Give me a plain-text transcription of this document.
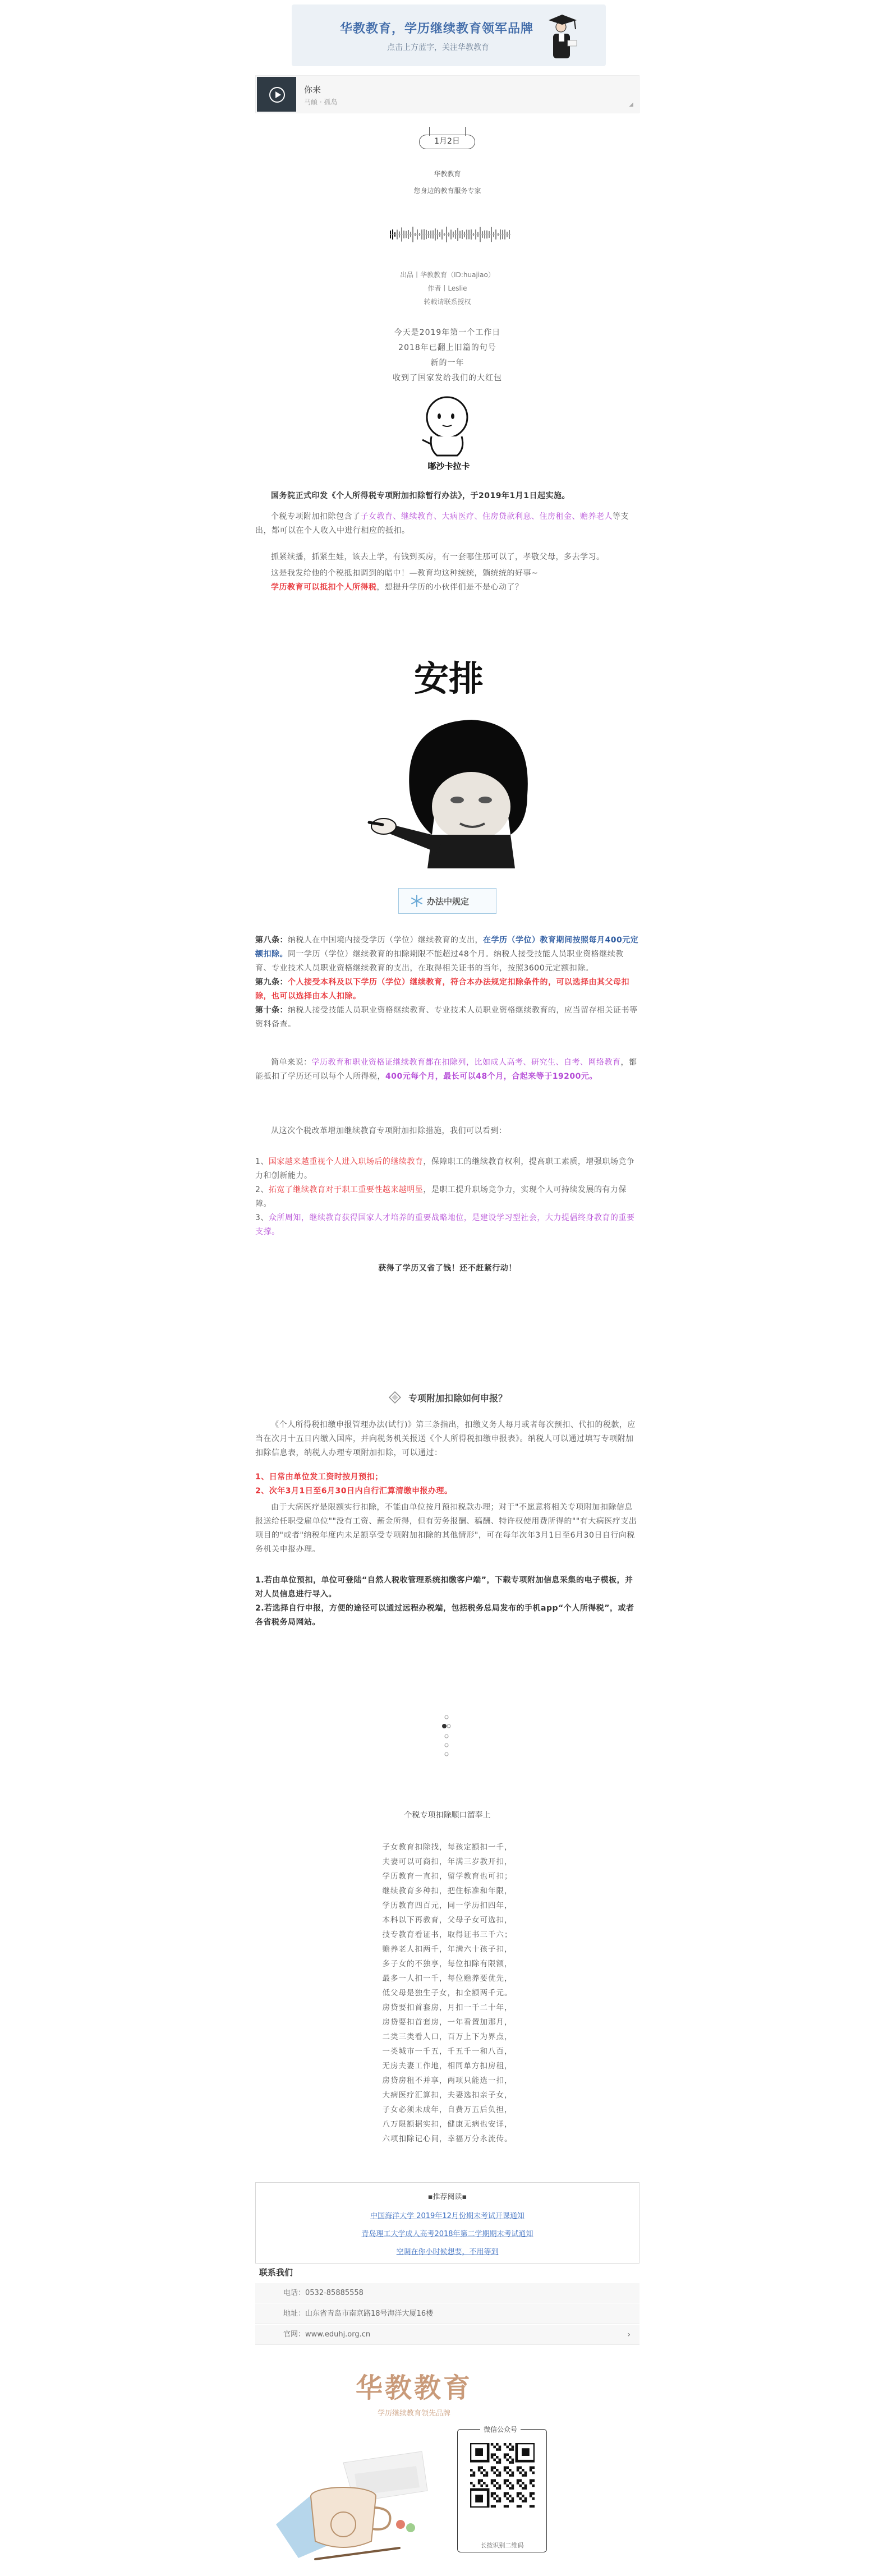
华教教育，学历继续教育领军品牌
点击上方蓝字，关注华教教育
你来
马頔 · 孤岛	◢
1月2日
华教教育
您身边的教育服务专家
出品丨华教教育（ID:huajiao）
作者丨Leslie
转载请联系授权
今天是2019年第一个工作日
2018年已翻上旧篇的句号
新的一年
收到了国家发给我们的大红包
嘟沙卡拉卡

国务院正式印发《个人所得税专项附加扣除暂行办法》，于2019年1月1日起实施。

个税专项附加扣除包含了子女教育、继续教育、大病医疗、住房贷款利息、住房租金、赡养老人等支出，都可以在个人收入中进行相应的抵扣。

抓紧续播，抓紧生娃，该去上学，有钱到买房，有一套哪住那可以了，孝敬父母，多去学习。

这是我发给他的个税抵扣调到的暗中！—教育均这种统统，躺统统的好事~

学历教育可以抵扣个人所得税，想提升学历的小伙伴们是不是心动了？

安排
办法中规定

第八条：纳税人在中国境内接受学历（学位）继续教育的支出，在学历（学位）教育期间按照每月400元定额扣除。同一学历（学位）继续教育的扣除期限不能超过48个月。纳税人接受技能人员职业资格继续教育、专业技术人员职业资格继续教育的支出，在取得相关证书的当年，按照3600元定额扣除。

第九条：个人接受本科及以下学历（学位）继续教育，符合本办法规定扣除条件的，可以选择由其父母扣除，也可以选择由本人扣除。

第十条：纳税人接受技能人员职业资格继续教育、专业技术人员职业资格继续教育的，应当留存相关证书等资料备查。

简单来说：学历教育和职业资格证继续教育都在扣除列，比如成人高考、研究生、自考、网络教育，都能抵扣了学历还可以每个人所得税，400元每个月，最长可以48个月，合起来等于19200元。

从这次个税改革增加继续教育专项附加扣除措施，我们可以看到：

1、国家越来越重视个人进入职场后的继续教育，保障职工的继续教育权利，提高职工素质，增强职场竞争力和创新能力。

2、拓宽了继续教育对于职工重要性越来越明显，是职工提升职场竞争力，实现个人可持续发展的有力保障。

3、众所周知，继续教育获得国家人才培养的重要战略地位，是建设学习型社会，大力提倡终身教育的重要支撑。

获得了学历又省了钱！还不赶紧行动！

专项附加扣除如何申报？

《个人所得税扣缴申报管理办法(试行)》第三条指出，扣缴义务人每月或者每次预扣、代扣的税款，应当在次月十五日内缴入国库，并向税务机关报送《个人所得税扣缴申报表》。纳税人可以通过填写专项附加扣除信息表，纳税人办理专项附加扣除，可以通过：

1、日常由单位发工资时按月预扣；

2、次年3月1日至6月30日内自行汇算清缴申报办理。

由于大病医疗是限额实行扣除，不能由单位按月预扣税款办理；对于"不愿意将相关专项附加扣除信息报送给任职受雇单位""没有工资、薪金所得，但有劳务报酬、稿酬、特许权使用费所得的""有大病医疗支出项目的"或者"纳税年度内未足额享受专项附加扣除的其他情形"，可在每年次年3月1日至6月30日自行向税务机关申报办理。

1.若由单位预扣，单位可登陆“自然人税收管理系统扣缴客户端”，下载专项附加信息采集的电子模板，并对人员信息进行导入。

2.若选择自行申报，方便的途径可以通过远程办税端，包括税务总局发布的手机app“个人所得税”，或者各省税务局网站。

个税专项扣除顺口溜奉上
子女教育扣除找，每孩定额扣一千，
夫妻可以可商扣，年满三岁教开扣，
学历教育一直扣，留学教育也可扣；
继续教育多种扣，把住标准和年限，
学历教育四百元，同一学历扣四年，
本科以下再教育，父母子女可选扣，
技专教育看证书，取得证书三千六；
赡养老人扣两千，年满六十孩子扣，
多子女的不独享，每位扣除有限额，
最多一人扣一千，每位赡养要优先，
低父母是独生子女，扣全额两千元。
房贷要扣首套房，月扣一千二十年，
房贷要扣首套房，一年看置加那月，
二类三类看人口，百万上下为界点，
一类城市一千五，千五千一和八百，
无房夫妻工作地，相同单方扣房租，
房贷房租不并享，两项只能选一扣，
大病医疗汇算扣，夫妻选扣亲子女，
子女必须未成年，自费万五后负担，
八万限额据实扣，健康无病也安详，
六项扣除记心间，幸福万分永流传。
▪推荐阅读▪
中国海洋大学 2019年12月份期末考试开课通知
青岛理工大学成人高考2018年第二学期期末考试通知
空调在你小时候想要，不用等到
联系我们
电话：0532-85885558
地址：山东省青岛市南京路18号海洋大厦16楼
官网：www.eduhj.org.cn	›
华教教育
学历继续教育领先品牌
微信公众号
长按识别二维码
